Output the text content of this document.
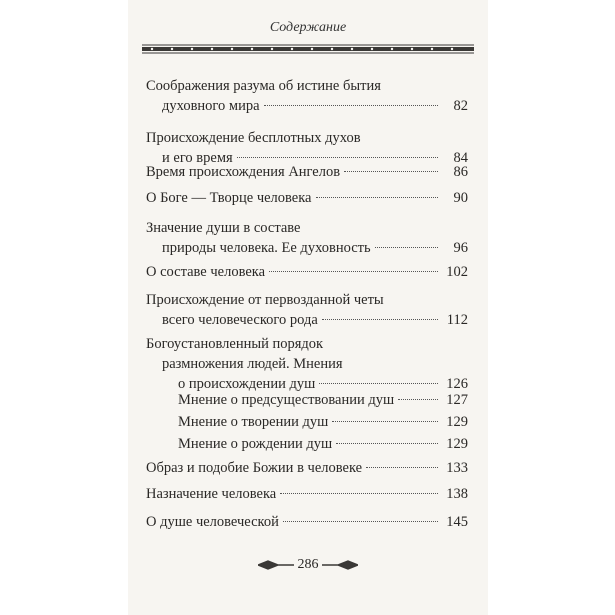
Содержание
286
Соображения разума об истине бытия
духовного мира	82
Происхождение бесплотных духов
и его время	84
Время происхождения Ангелов	86
О Боге — Творце человека	90
Значение души в составе
природы человека. Ее духовность	96
О составе человека	102
Происхождение от первозданной четы
всего человеческого рода	112
Богоустановленный порядок
размножения людей. Мнения
о происхождении душ	126
Мнение о предсуществовании душ	127
Мнение о творении душ	129
Мнение о рождении душ	129
Образ и подобие Божии в человеке	133
Назначение человека	138
О душе человеческой	145
